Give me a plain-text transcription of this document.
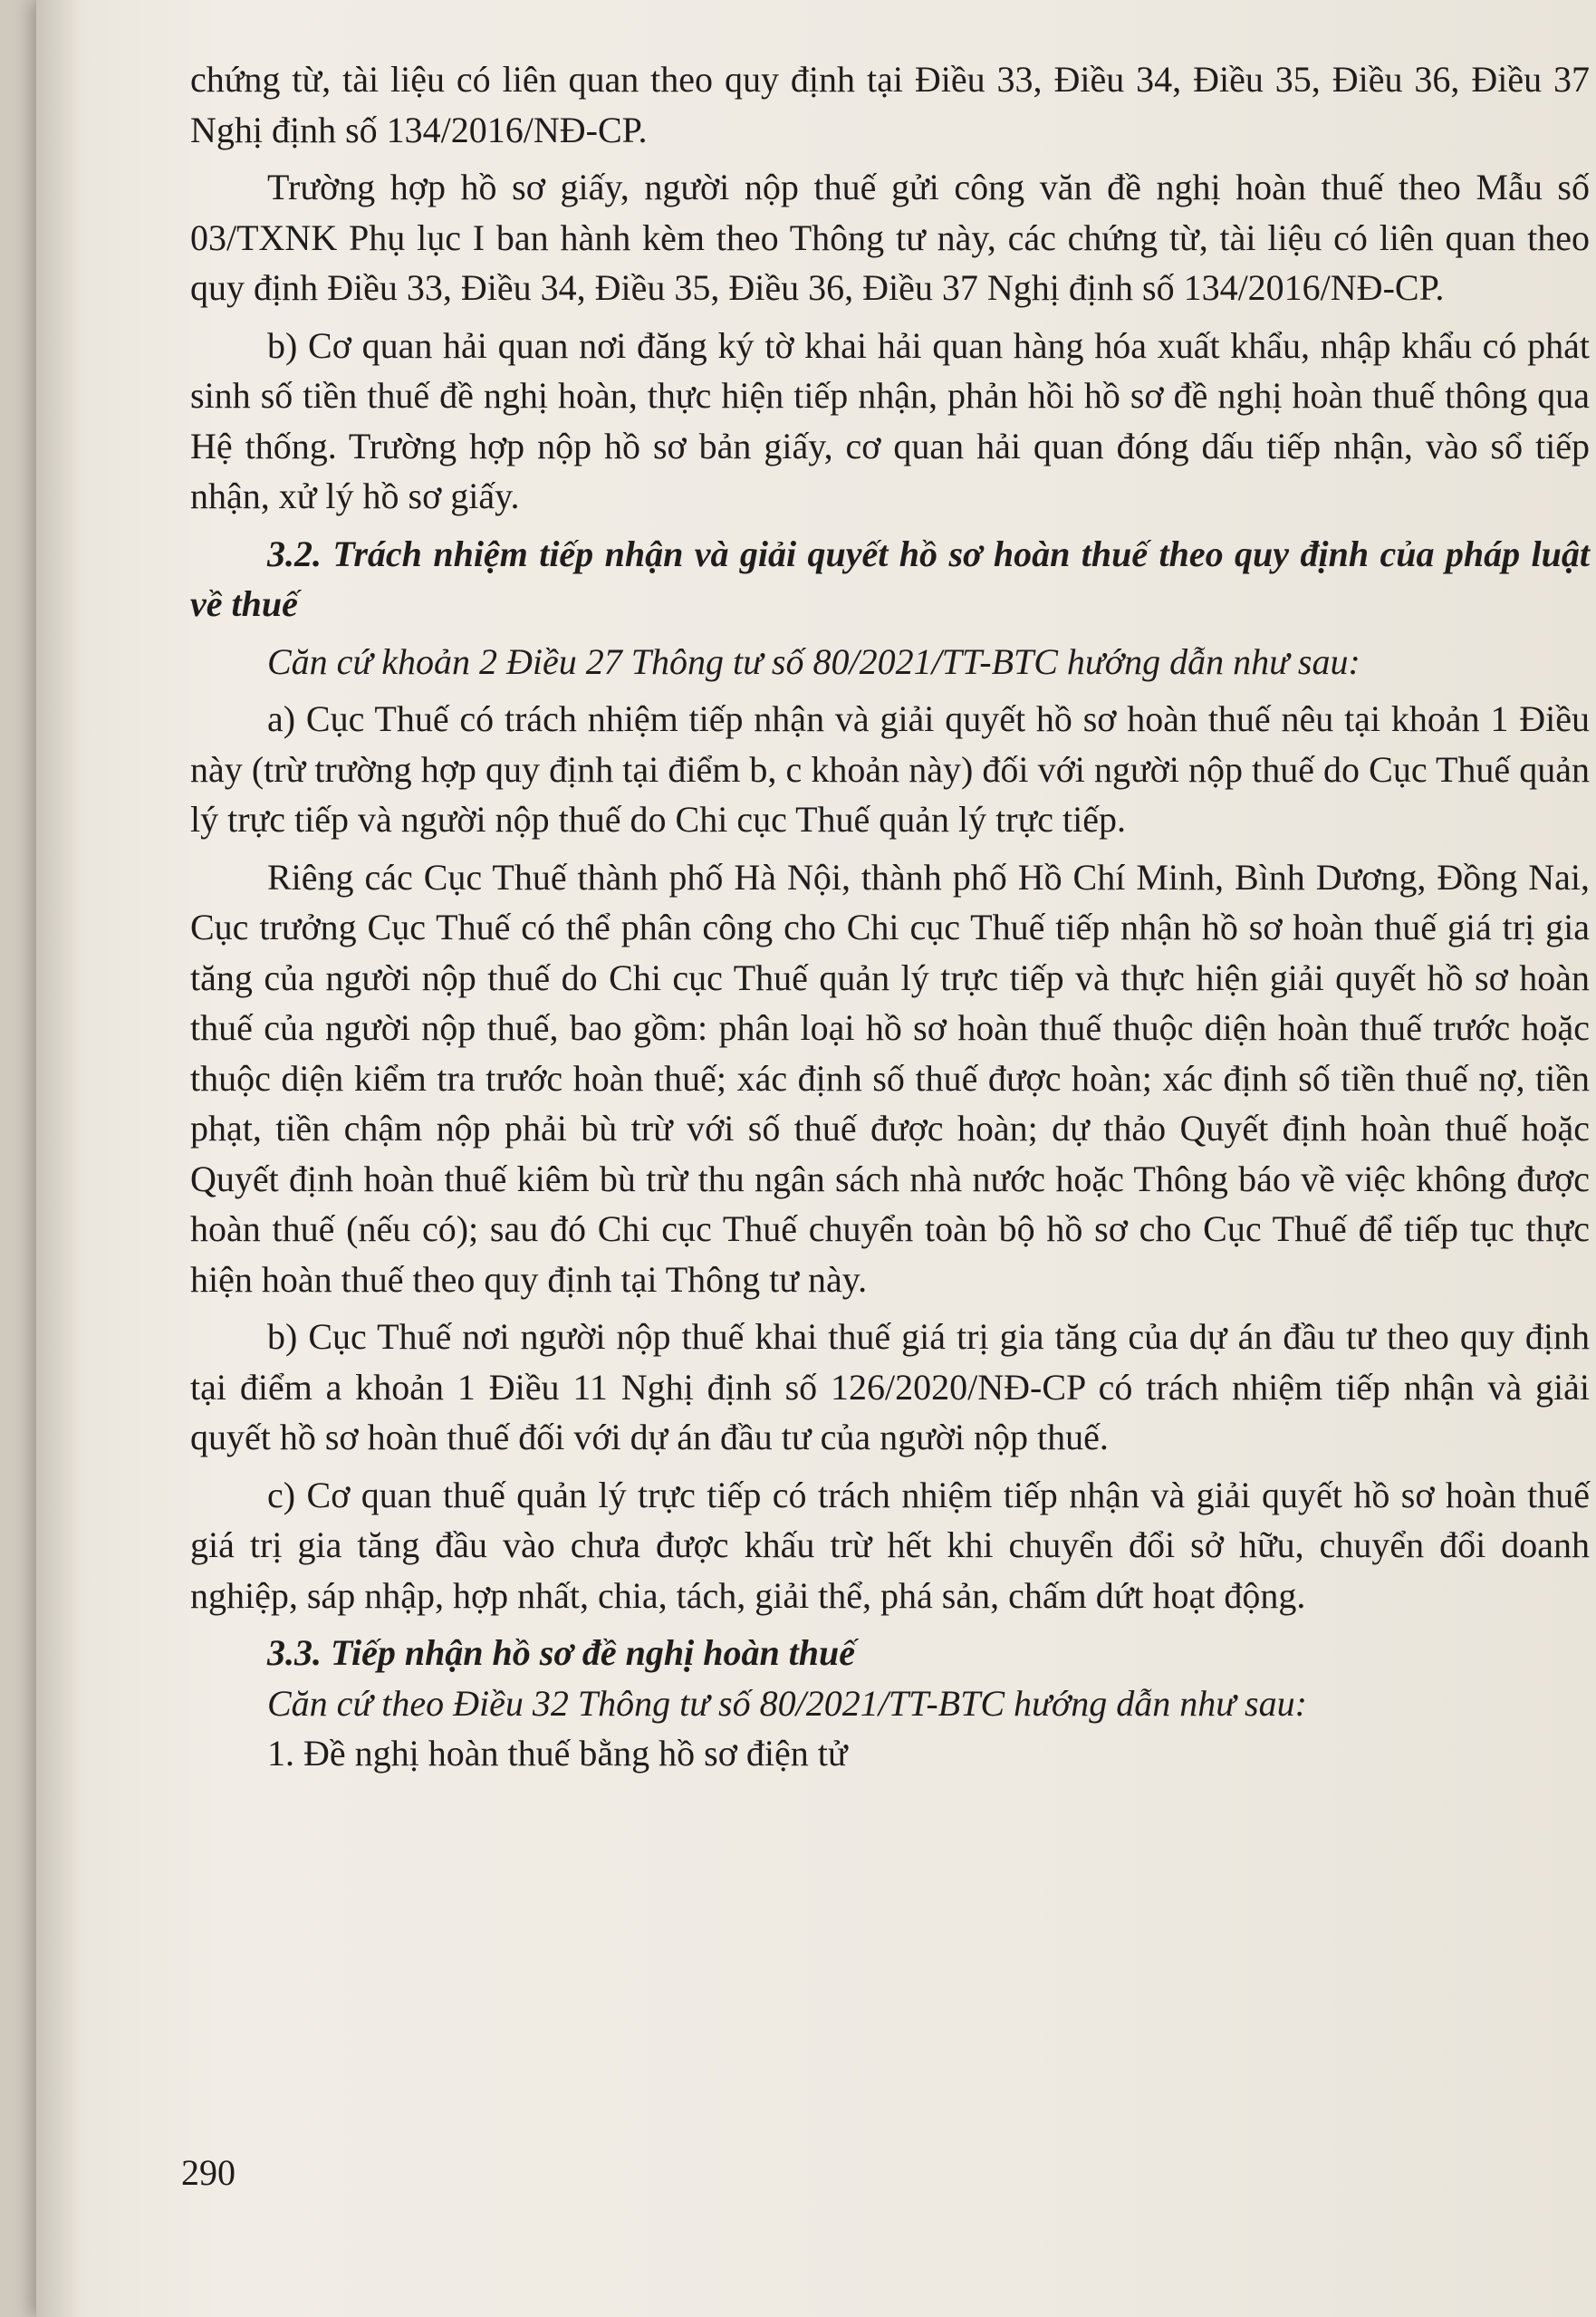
chứng từ, tài liệu có liên quan theo quy định tại Điều 33, Điều 34, Điều 35, Điều 36, Điều 37 Nghị định số 134/2016/NĐ-CP.

Trường hợp hồ sơ giấy, người nộp thuế gửi công văn đề nghị hoàn thuế theo Mẫu số 03/TXNK Phụ lục I ban hành kèm theo Thông tư này, các chứng từ, tài liệu có liên quan theo quy định Điều 33, Điều 34, Điều 35, Điều 36, Điều 37 Nghị định số 134/2016/NĐ-CP.

b) Cơ quan hải quan nơi đăng ký tờ khai hải quan hàng hóa xuất khẩu, nhập khẩu có phát sinh số tiền thuế đề nghị hoàn, thực hiện tiếp nhận, phản hồi hồ sơ đề nghị hoàn thuế thông qua Hệ thống. Trường hợp nộp hồ sơ bản giấy, cơ quan hải quan đóng dấu tiếp nhận, vào sổ tiếp nhận, xử lý hồ sơ giấy.

3.2. Trách nhiệm tiếp nhận và giải quyết hồ sơ hoàn thuế theo quy định của pháp luật về thuế

Căn cứ khoản 2 Điều 27 Thông tư số 80/2021/TT-BTC hướng dẫn như sau:

a) Cục Thuế có trách nhiệm tiếp nhận và giải quyết hồ sơ hoàn thuế nêu tại khoản 1 Điều này (trừ trường hợp quy định tại điểm b, c khoản này) đối với người nộp thuế do Cục Thuế quản lý trực tiếp và người nộp thuế do Chi cục Thuế quản lý trực tiếp.

Riêng các Cục Thuế thành phố Hà Nội, thành phố Hồ Chí Minh, Bình Dương, Đồng Nai, Cục trưởng Cục Thuế có thể phân công cho Chi cục Thuế tiếp nhận hồ sơ hoàn thuế giá trị gia tăng của người nộp thuế do Chi cục Thuế quản lý trực tiếp và thực hiện giải quyết hồ sơ hoàn thuế của người nộp thuế, bao gồm: phân loại hồ sơ hoàn thuế thuộc diện hoàn thuế trước hoặc thuộc diện kiểm tra trước hoàn thuế; xác định số thuế được hoàn; xác định số tiền thuế nợ, tiền phạt, tiền chậm nộp phải bù trừ với số thuế được hoàn; dự thảo Quyết định hoàn thuế hoặc Quyết định hoàn thuế kiêm bù trừ thu ngân sách nhà nước hoặc Thông báo về việc không được hoàn thuế (nếu có); sau đó Chi cục Thuế chuyển toàn bộ hồ sơ cho Cục Thuế để tiếp tục thực hiện hoàn thuế theo quy định tại Thông tư này.

b) Cục Thuế nơi người nộp thuế khai thuế giá trị gia tăng của dự án đầu tư theo quy định tại điểm a khoản 1 Điều 11 Nghị định số 126/2020/NĐ-CP có trách nhiệm tiếp nhận và giải quyết hồ sơ hoàn thuế đối với dự án đầu tư của người nộp thuế.

c) Cơ quan thuế quản lý trực tiếp có trách nhiệm tiếp nhận và giải quyết hồ sơ hoàn thuế giá trị gia tăng đầu vào chưa được khấu trừ hết khi chuyển đổi sở hữu, chuyển đổi doanh nghiệp, sáp nhập, hợp nhất, chia, tách, giải thể, phá sản, chấm dứt hoạt động.

3.3. Tiếp nhận hồ sơ đề nghị hoàn thuế

Căn cứ theo Điều 32 Thông tư số 80/2021/TT-BTC hướng dẫn như sau:

1. Đề nghị hoàn thuế bằng hồ sơ điện tử

290
